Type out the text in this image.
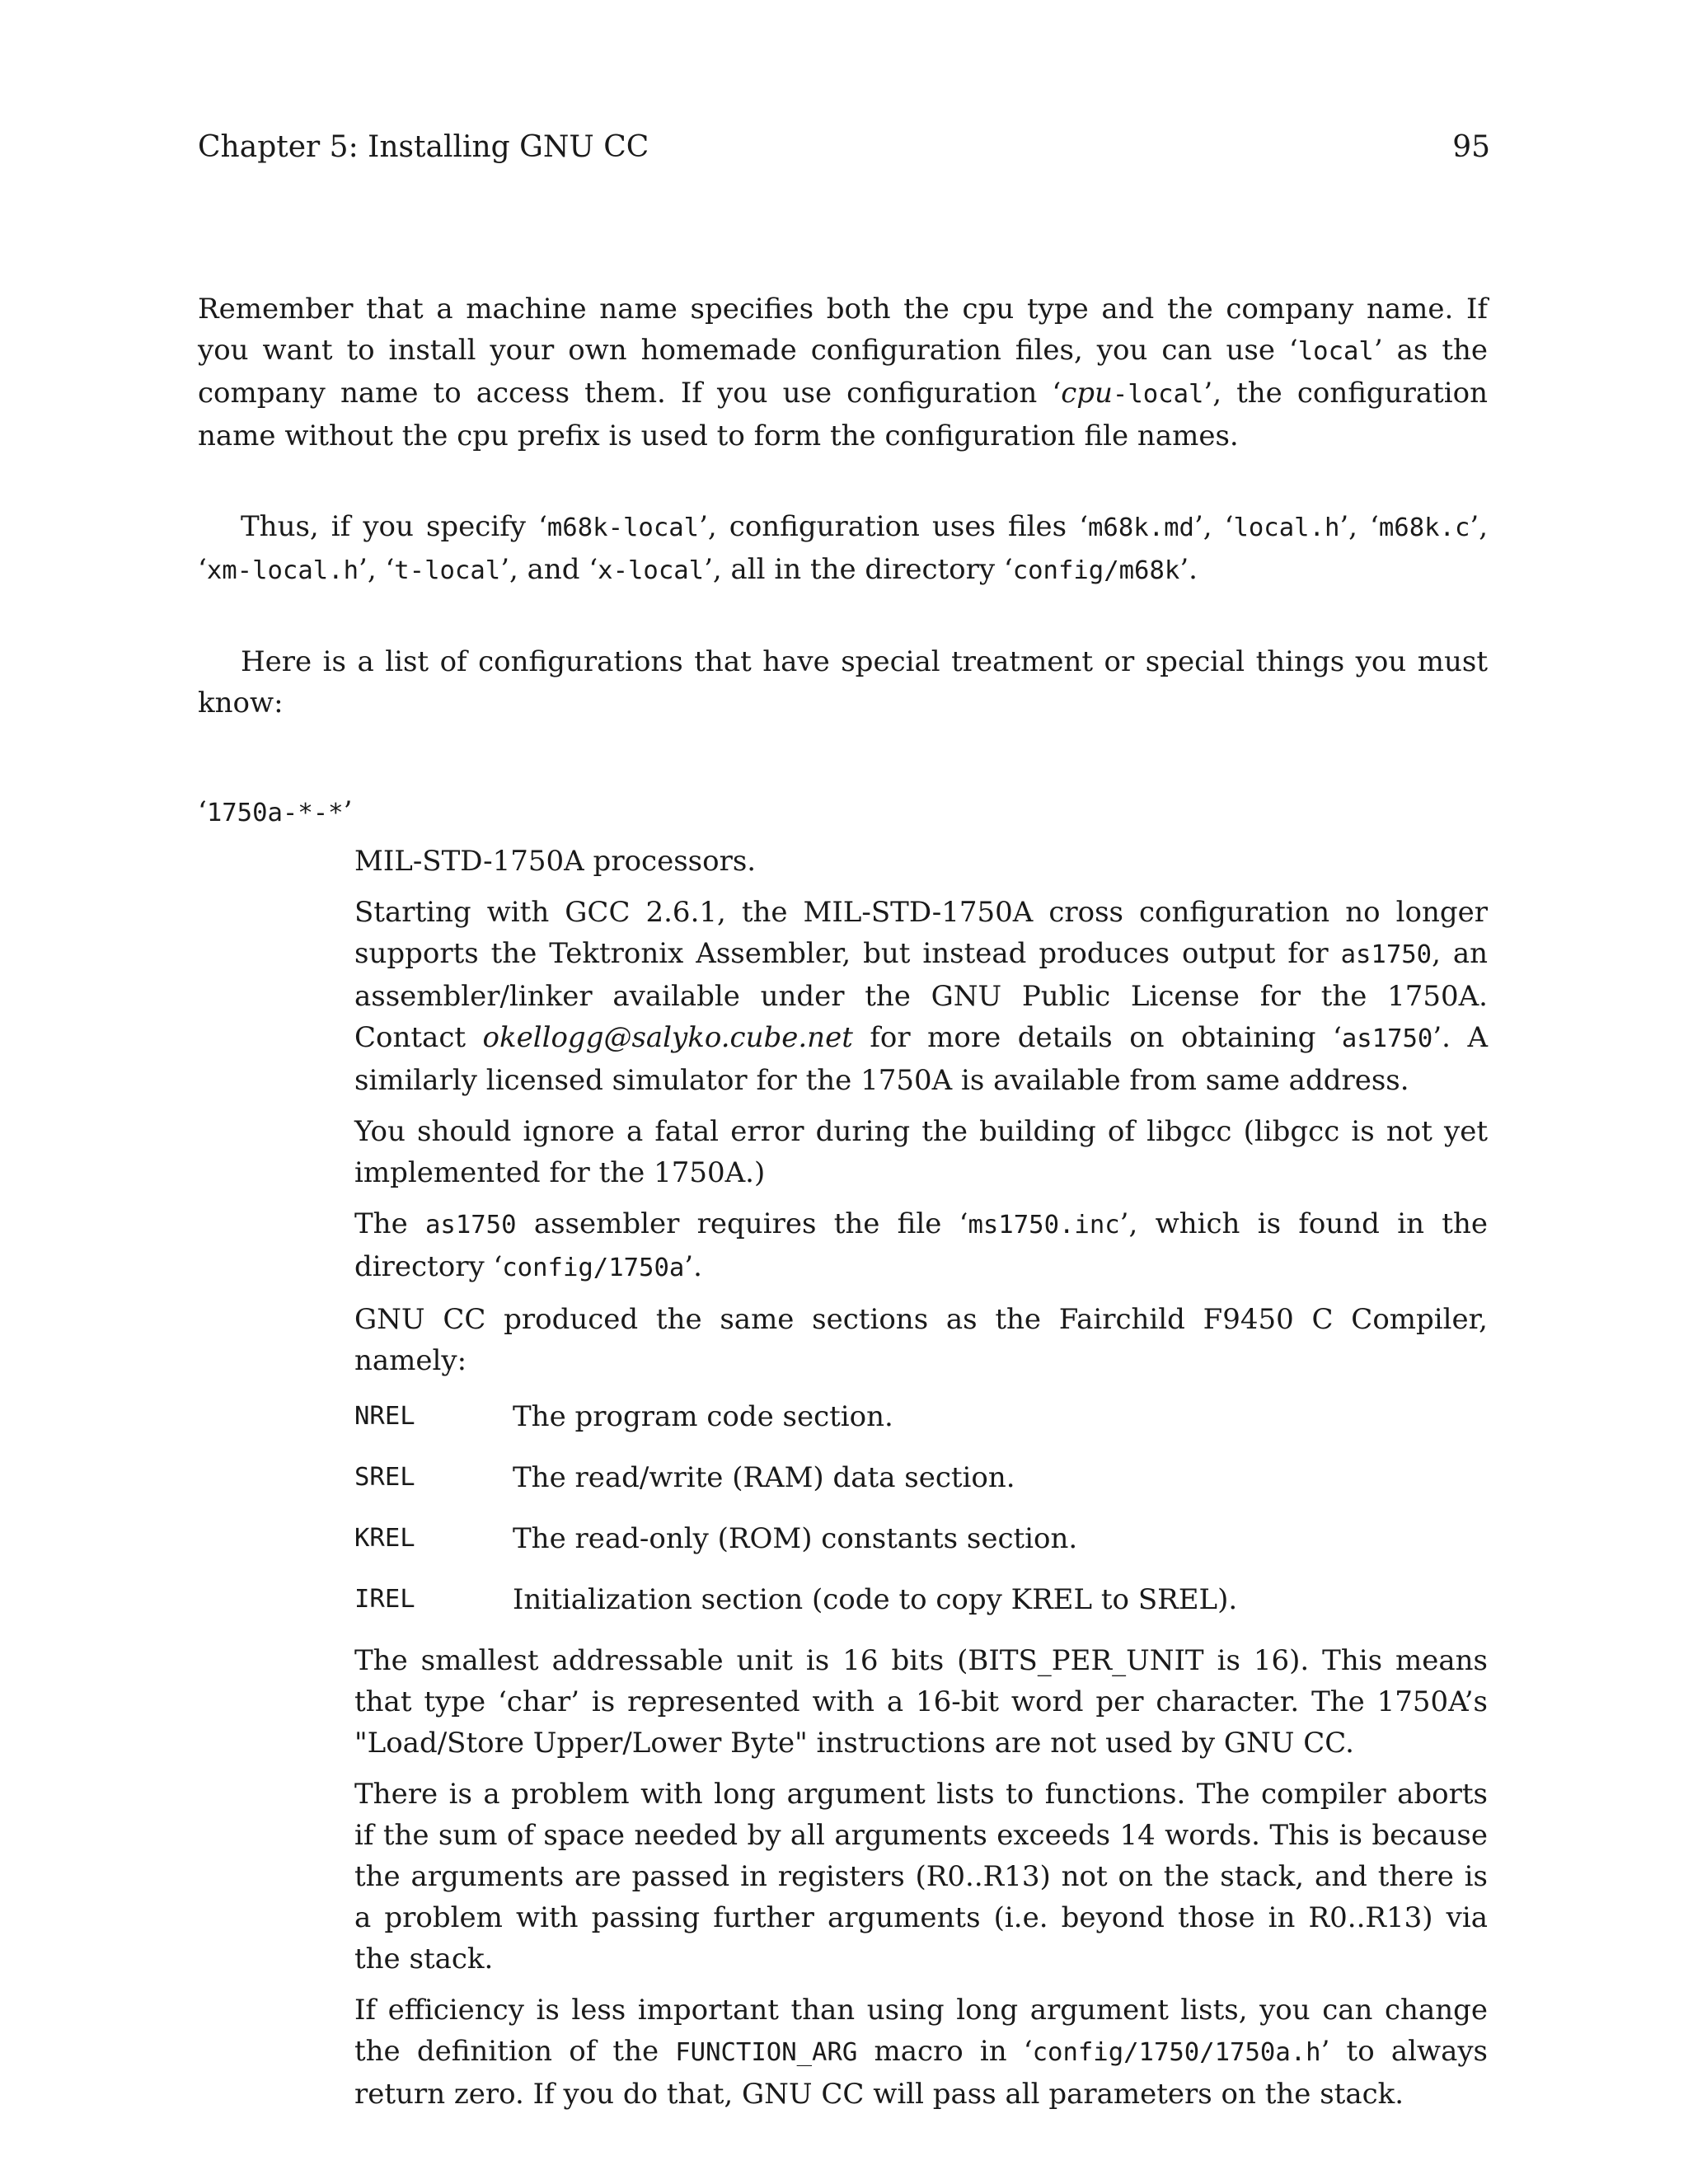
Chapter 5: Installing GNU CC	95

Remember that a machine name specifies both the cpu type and the company name. If you want to install your own homemade configuration files, you can use ‘local’ as the company name to access them. If you use configuration ‘cpu-local’, the configuration name without the cpu prefix is used to form the configuration file names.

Thus, if you specify ‘m68k-local’, configuration uses files ‘m68k.md’, ‘local.h’, ‘m68k.c’, ‘xm-local.h’, ‘t-local’, and ‘x-local’, all in the directory ‘config/m68k’.

Here is a list of configurations that have special treatment or special things you must know:

‘1750a-*-*’

MIL-STD-1750A processors.

Starting with GCC 2.6.1, the MIL-STD-1750A cross configuration no longer supports the Tektronix Assembler, but instead produces output for as1750, an assembler/linker available under the GNU Public License for the 1750A. Contact okellogg@salyko.cube.net for more details on obtaining ‘as1750’. A similarly licensed simulator for the 1750A is available from same address.

You should ignore a fatal error during the building of libgcc (libgcc is not yet implemented for the 1750A.)

The as1750 assembler requires the file ‘ms1750.inc’, which is found in the directory ‘config/1750a’.

GNU CC produced the same sections as the Fairchild F9450 C Compiler, namely:

NREL	The program code section.
SREL	The read/write (RAM) data section.
KREL	The read-only (ROM) constants section.
IREL	Initialization section (code to copy KREL to SREL).

The smallest addressable unit is 16 bits (BITS_PER_UNIT is 16). This means that type ‘char’ is represented with a 16-bit word per character. The 1750A’s "Load/Store Upper/Lower Byte" instructions are not used by GNU CC.

There is a problem with long argument lists to functions. The compiler aborts if the sum of space needed by all arguments exceeds 14 words. This is because the arguments are passed in registers (R0..R13) not on the stack, and there is a problem with passing further arguments (i.e. beyond those in R0..R13) via the stack.

If efficiency is less important than using long argument lists, you can change the definition of the FUNCTION_ARG macro in ‘config/1750/1750a.h’ to always return zero. If you do that, GNU CC will pass all parameters on the stack.
